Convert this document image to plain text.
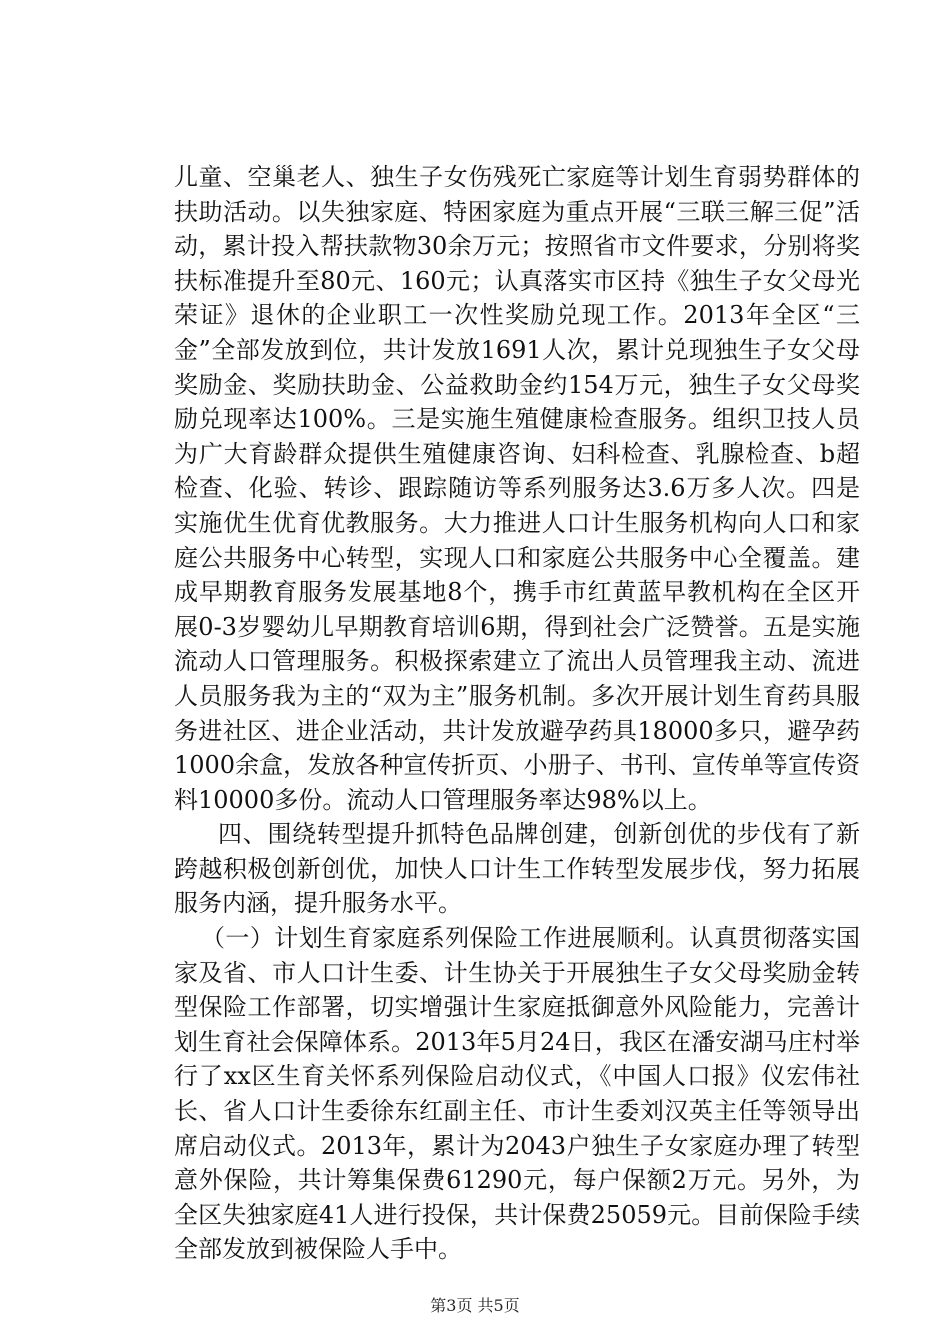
儿童、空巢老人、独生子女伤残死亡家庭等计划生育弱势群体的扶助活动。以失独家庭、特困家庭为重点开展“三联三解三促”活动，累计投入帮扶款物30余万元；按照省市文件要求，分别将奖扶标准提升至80元、160元；认真落实市区持《独生子女父母光荣证》退休的企业职工一次性奖励兑现工作。2013年全区“三金”全部发放到位，共计发放1691人次，累计兑现独生子女父母奖励金、奖励扶助金、公益救助金约154万元，独生子女父母奖励兑现率达100%。三是实施生殖健康检查服务。组织卫技人员为广大育龄群众提供生殖健康咨询、妇科检查、乳腺检查、b超检查、化验、转诊、跟踪随访等系列服务达3.6万多人次。四是实施优生优育优教服务。大力推进人口计生服务机构向人口和家庭公共服务中心转型，实现人口和家庭公共服务中心全覆盖。建成早期教育服务发展基地8个，携手市红黄蓝早教机构在全区开展0-3岁婴幼儿早期教育培训6期，得到社会广泛赞誉。五是实施流动人口管理服务。积极探索建立了流出人员管理我主动、流进人员服务我为主的“双为主”服务机制。多次开展计划生育药具服务进社区、进企业活动，共计发放避孕药具18000多只，避孕药1000余盒，发放各种宣传折页、小册子、书刊、宣传单等宣传资料10000多份。流动人口管理服务率达98%以上。

四、围绕转型提升抓特色品牌创建，创新创优的步伐有了新跨越积极创新创优，加快人口计生工作转型发展步伐，努力拓展服务内涵，提升服务水平。

（一）计划生育家庭系列保险工作进展顺利。认真贯彻落实国家及省、市人口计生委、计生协关于开展独生子女父母奖励金转型保险工作部署，切实增强计生家庭抵御意外风险能力，完善计划生育社会保障体系。2013年5月24日，我区在潘安湖马庄村举行了xx区生育关怀系列保险启动仪式，《中国人口报》仪宏伟社长、省人口计生委徐东红副主任、市计生委刘汉英主任等领导出席启动仪式。2013年，累计为2043户独生子女家庭办理了转型意外保险，共计筹集保费61290元，每户保额2万元。另外，为全区失独家庭41人进行投保，共计保费25059元。目前保险手续全部发放到被保险人手中。

第3页 共5页
